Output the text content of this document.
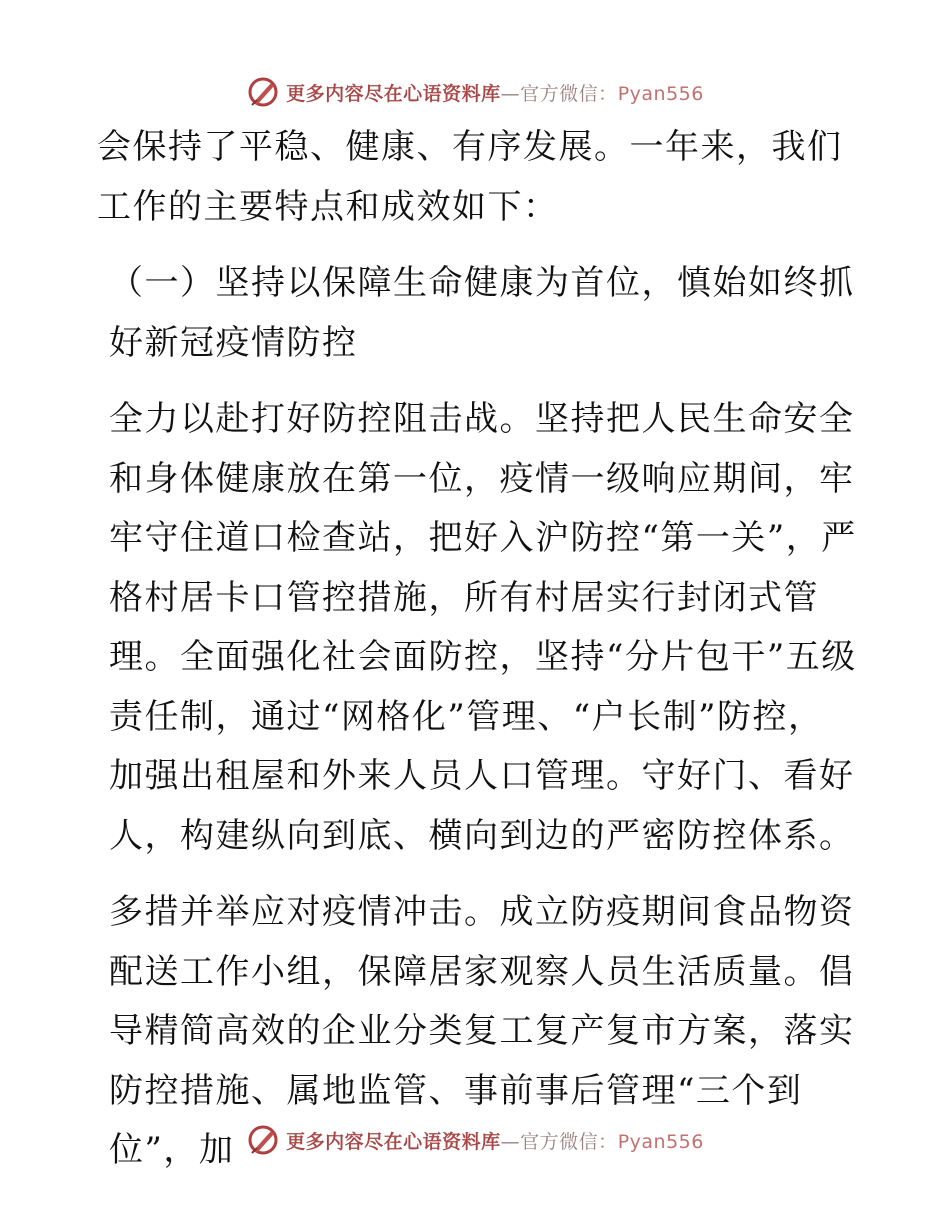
更多内容尽在心语资料库—官方微信：Pyan556

会保持了平稳、健康、有序发展。一年来，我们工作的主要特点和成效如下：

（一）坚持以保障生命健康为首位，慎始如终抓好新冠疫情防控

全力以赴打好防控阻击战。坚持把人民生命安全和身体健康放在第一位，疫情一级响应期间，牢牢守住道口检查站，把好入沪防控“第一关”，严格村居卡口管控措施，所有村居实行封闭式管理。全面强化社会面防控，坚持“分片包干”五级责任制，通过“网格化”管理、“户长制”防控，加强出租屋和外来人员人口管理。守好门、看好人，构建纵向到底、横向到边的严密防控体系。

多措并举应对疫情冲击。成立防疫期间食品物资配送工作小组，保障居家观察人员生活质量。倡导精简高效的企业分类复工复产复市方案，落实防控措施、属地监管、事前事后管理“三个到位”，加	更多内容尽在心语资料库—官方微信：Pyan556
